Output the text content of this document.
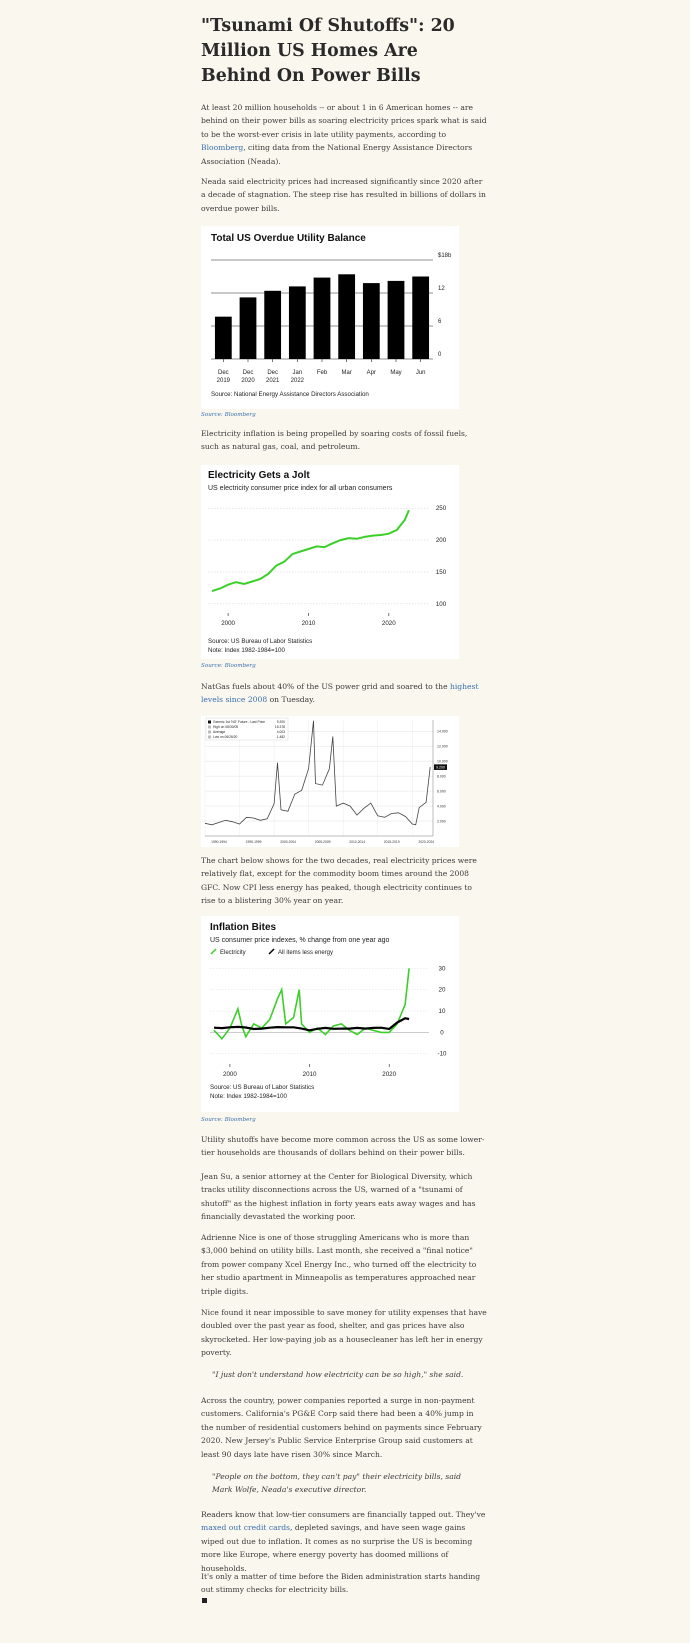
"Tsunami Of Shutoffs": 20 Million US Homes Are Behind On Power Bills
At least 20 million households -- or about 1 in 6 American homes -- are behind on their power bills as soaring electricity prices spark what is said to be the worst-ever crisis in late utility payments, according to Bloomberg, citing data from the National Energy Assistance Directors Association (Neada).
Neada said electricity prices had increased significantly since 2020 after a decade of stagnation. The steep rise has resulted in billions of dollars in overdue power bills.
Total US Overdue Utility Balance
0
6
12
$18b
Dec
2019
Dec
2020
Dec
2021
Jan
2022
Feb Mar Apr May Jun
Source: National Energy Assistance Directors Association
Source: Bloomberg
Electricity inflation is being propelled by soaring costs of fossil fuels, such as natural gas, coal, and petroleum.
Electricity Gets a Jolt
US electricity consumer price index for all urban consumers
100
150
200
250
2000	2010	2020
Source: US Bureau of Labor Statistics
Note: Index 1982-1984=100
Source: Bloomberg
NatGas fuels about 40% of the US power grid and soared to the highest levels since 2008 on Tuesday.
2.000
4.000
6.000
8.000
10.000
12.000
14.000
1990-1994	1995-1999	2000-2004	2005-2009	2010-2014	2015-2019	2020-2024
9.200
Generic 1st 'NG' Future - Last Price	9.200
High on 08/30/05	15.378
Average	4.003
Low on 06/26/20	1.482
The chart below shows for the two decades, real electricity prices were relatively flat, except for the commodity boom times around the 2008 GFC. Now CPI less energy has peaked, though electricity continues to rise to a blistering 30% year on year.
Inflation Bites
US consumer price indexes, % change from one year ago
Electricity	All items less energy
-10
0
10
20
30
2000	2010	2020
Source: US Bureau of Labor Statistics
Note: Index 1982-1984=100
Source: Bloomberg
Utility shutoffs have become more common across the US as some lower-tier households are thousands of dollars behind on their power bills.
Jean Su, a senior attorney at the Center for Biological Diversity, which tracks utility disconnections across the US, warned of a "tsunami of shutoff" as the highest inflation in forty years eats away wages and has financially devastated the working poor.
Adrienne Nice is one of those struggling Americans who is more than $3,000 behind on utility bills. Last month, she received a "final notice" from power company Xcel Energy Inc., who turned off the electricity to her studio apartment in Minneapolis as temperatures approached near triple digits.
Nice found it near impossible to save money for utility expenses that have doubled over the past year as food, shelter, and gas prices have also skyrocketed. Her low-paying job as a housecleaner has left her in energy poverty.
"I just don't understand how electricity can be so high," she said.
Across the country, power companies reported a surge in non-payment customers. California's PG&E Corp said there had been a 40% jump in the number of residential customers behind on payments since February 2020. New Jersey's Public Service Enterprise Group said customers at least 90 days late have risen 30% since March.
"People on the bottom, they can't pay" their electricity bills, said Mark Wolfe, Neada's executive director.
Readers know that low-tier consumers are financially tapped out. They've maxed out credit cards, depleted savings, and have seen wage gains wiped out due to inflation. It comes as no surprise the US is becoming more like Europe, where energy poverty has doomed millions of households.
It's only a matter of time before the Biden administration starts handing out stimmy checks for electricity bills.
